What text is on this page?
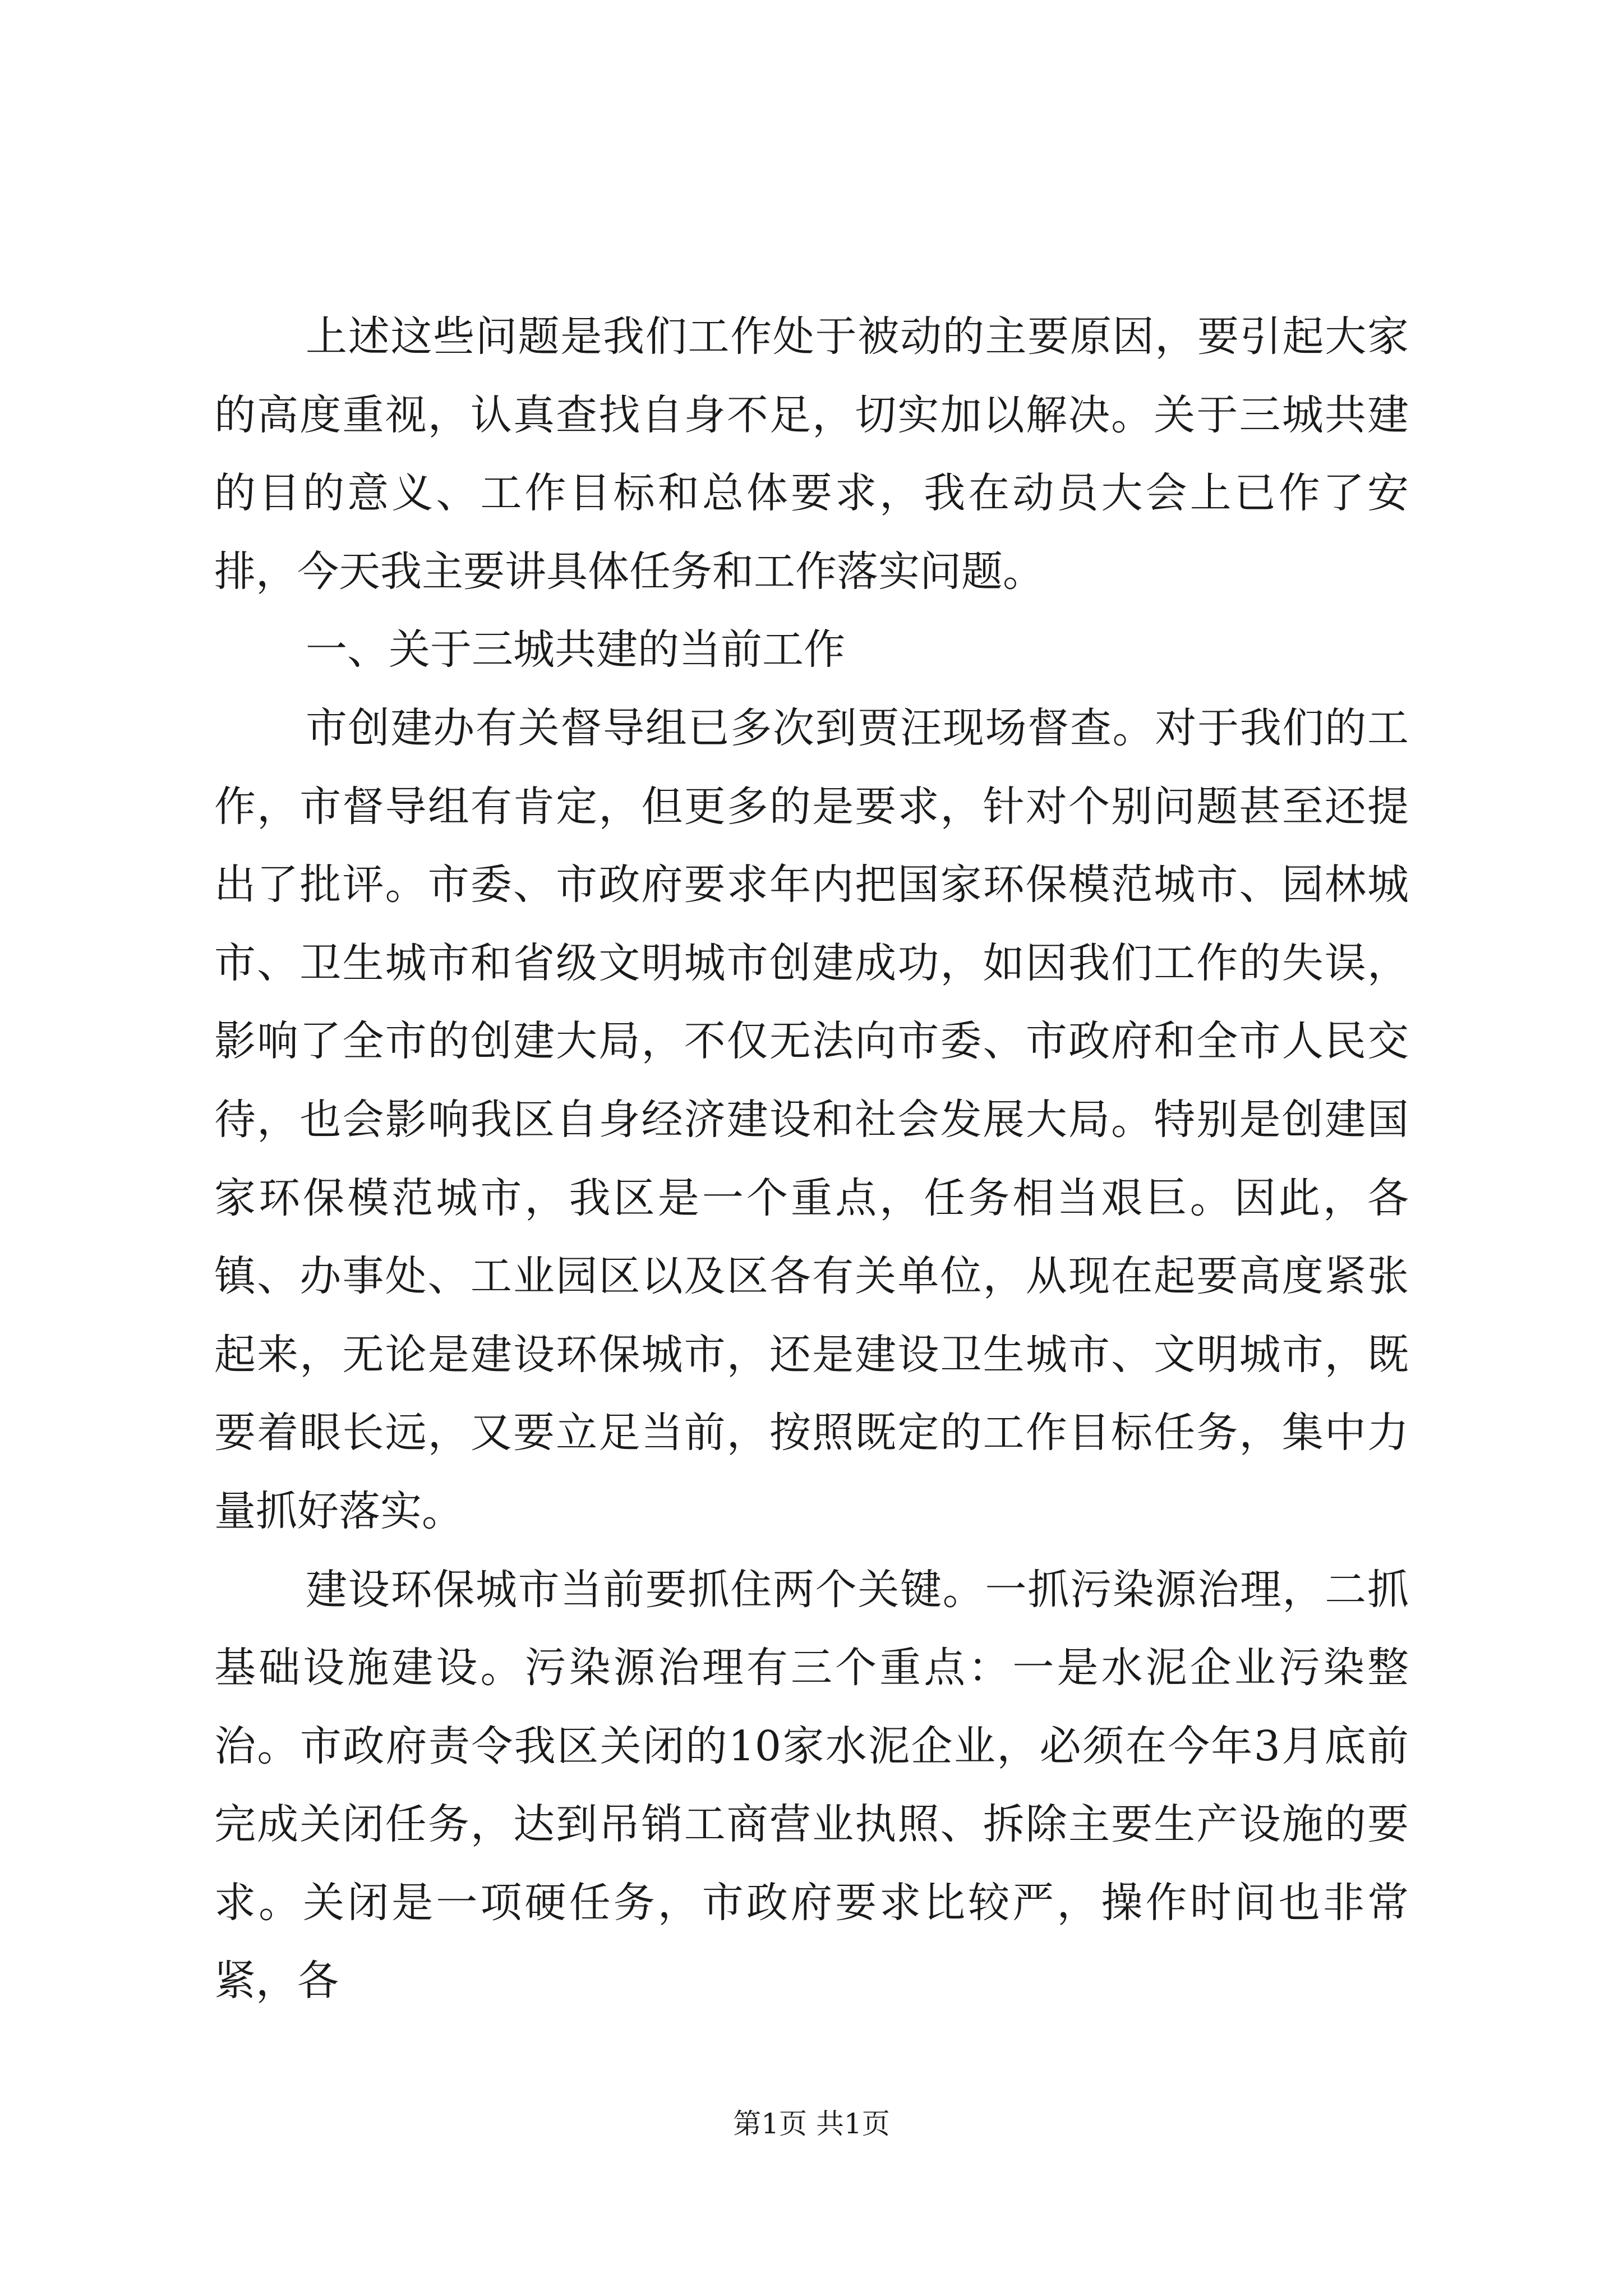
上述这些问题是我们工作处于被动的主要原因，要引起大家的高度重视，认真查找自身不足，切实加以解决。关于三城共建的目的意义、工作目标和总体要求，我在动员大会上已作了安排，今天我主要讲具体任务和工作落实问题。

一、关于三城共建的当前工作

市创建办有关督导组已多次到贾汪现场督查。对于我们的工作，市督导组有肯定，但更多的是要求，针对个别问题甚至还提出了批评。市委、市政府要求年内把国家环保模范城市、园林城市、卫生城市和省级文明城市创建成功，如因我们工作的失误，影响了全市的创建大局，不仅无法向市委、市政府和全市人民交待，也会影响我区自身经济建设和社会发展大局。特别是创建国家环保模范城市，我区是一个重点，任务相当艰巨。因此，各镇、办事处、工业园区以及区各有关单位，从现在起要高度紧张起来，无论是建设环保城市，还是建设卫生城市、文明城市，既要着眼长远，又要立足当前，按照既定的工作目标任务，集中力量抓好落实。

建设环保城市当前要抓住两个关键。一抓污染源治理，二抓基础设施建设。污染源治理有三个重点：一是水泥企业污染整治。市政府责令我区关闭的10家水泥企业，必须在今年3月底前完成关闭任务，达到吊销工商营业执照、拆除主要生产设施的要求。关闭是一项硬任务，市政府要求比较严，操作时间也非常紧，各

第1页 共1页
